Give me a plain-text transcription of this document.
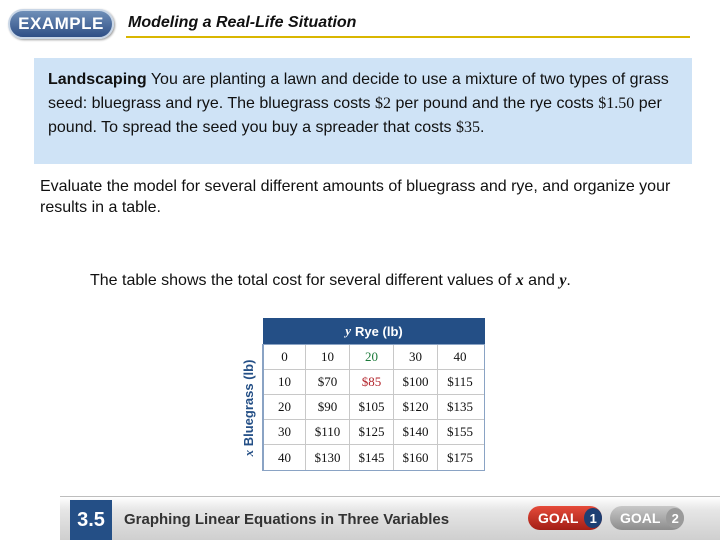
EXAMPLE	Modeling a Real-Life Situation
Landscaping You are planting a lawn and decide to use a mixture of two types of grass seed: bluegrass and rye. The bluegrass costs $2 per pound and the rye costs $1.50 per pound. To spread the seed you buy a spreader that costs $35.
Evaluate the model for several different amounts of bluegrass and rye, and organize your results in a table.
The table shows the total cost for several different values of x and y.
y Rye (lb)
x Bluegrass (lb)
0	10	20	30	40
10	$70	$85	$100	$115
20	$90	$105	$120	$135
30	$110	$125	$140	$155
40	$130	$145	$160	$175
3.5	Graphing Linear Equations in Three Variables	GOAL 1	GOAL 2
